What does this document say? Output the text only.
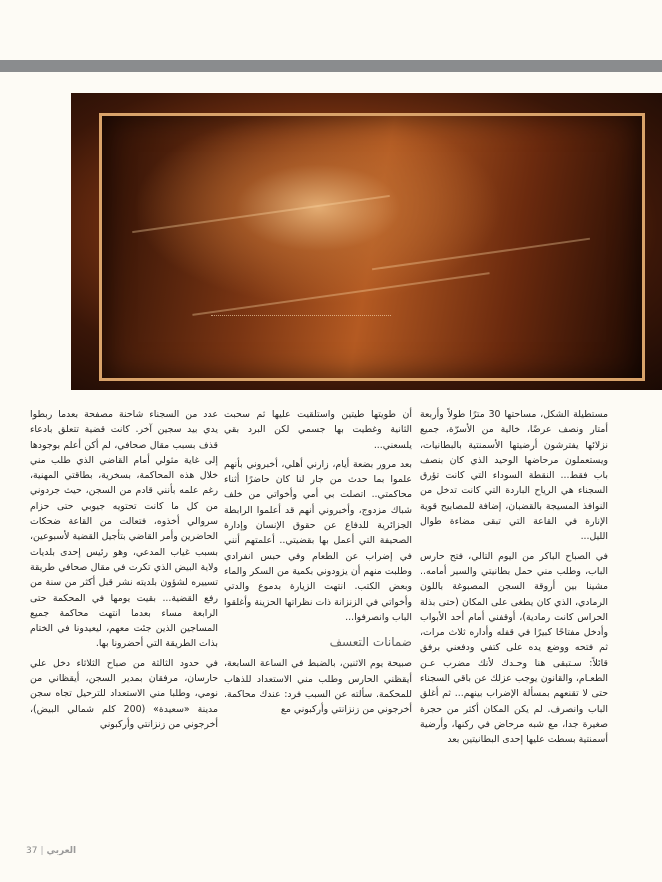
مستطيلة الشكل، مساحتها 30 مترًا طولاً وأربعة أمتار ونصف عرضًا، خالية من الأسرّة، جميع نزلائها يفترشون أرضيتها الأسمنتية بالبطانيات، ويستعملون مرحاضها الوحيد الذي كان بنصف باب فقط... النقطة السوداء التي كانت تؤرق السجناء هي الرياح الباردة التي كانت تدخل من النوافذ المسيجة بالقضبان، إضافة للمصابيح قوية الإنارة في القاعة التي تبقى مضاءة طوال الليل...

في الصباح الباكر من اليوم التالي، فتح حارس الباب، وطلب مني حمل بطانيتي والسير أمامه.. مشينا بين أروقة السجن المصبوغة باللون الرمادي، الذي كان يطغى على المكان (حتى بذلة الحراس كانت رمادية)، أوقفني أمام أحد الأبواب وأدخل مفتاحًا كبيرًا في قفله وأداره ثلاث مرات، ثم فتحه ووضع يده على كتفي ودفعني برفق قائلاً: سـتبقى هنا وحـدك لأنك مضرب عـن الطعـام، والقانون يوجب عزلك عن باقي السجناء حتى لا تقنعهم بمسألة الإضراب بينهم... ثم أغلق الباب وانصرف. لم يكن المكان أكثر من حجرة صغيرة جدا، مع شبه مرحاض في ركنها، وأرضية أسمنتية بسطت عليها إحدى البطانيتين بعد

أن طويتها طيتين واستلقيت عليها ثم سحبت الثانية وغطيت بها جسمي لكن البرد بقي يلسعني...

بعد مرور بضعة أيام، زارني أهلي، أخبروني بأنهم علموا بما حدث من جار لنا كان حاضرًا أثناء محاكمتي.. اتصلت بي أمي وأخواتي من خلف شباك مزدوج، وأخبروني أنهم قد أعلموا الرابطة الجزائرية للدفاع عن حقوق الإنسان وإدارة الصحيفة التي أعمل بها بقضيتي.. أعلمتهم أنني في إضراب عن الطعام وفي حبس انفرادي وطلبت منهم أن يزودوني بكمية من السكر والماء وبعض الكتب. انتهت الزيارة بدموع والدتي وأخواتي في الزنزانة ذات نظراتها الحزينة وأغلقوا الباب وانصرفوا...

ضمانات التعسف

صبيحة يوم الاثنين، بالضبط في الساعة السابعة، أيقظني الحارس وطلب مني الاستعداد للذهاب للمحكمة. سألته عن السبب فرد: عندك محاكمة. أخرجوني من زنزانتي وأركبوني مع

عدد من السجناء شاحنة مصفحة بعدما ربطوا يدي بيد سجين آخر. كانت قضية تتعلق بادعاء قذف بسبب مقال صحافي، لم أكن أعلم بوجودها إلى غاية مثولي أمام القاضي الذي طلب مني خلال هذه المحاكمة، بسخرية، بطاقتي المهنية، رغم علمه بأنني قادم من السجن، حيث جردوني من كل ما كانت تحتويه جيوبي حتى حزام سروالي أخذوه، فتعالت من القاعة ضحكات الحاضرين وأمر القاضي بتأجيل القضية لأسبوعين، بسبب غياب المدعي، وهو رئيس إحدى بلديات ولاية البيض الذي تكرت في مقال صحافي طريقة تسييره لشؤون بلديته نشر قبل أكثر من سنة من رفع القضية... بقيت يومها في المحكمة حتى الرابعة مساء بعدما انتهت محاكمة جميع المساجين الذين جئت معهم، ليعيدونا في الختام بذات الطريقة التي أحضرونا بها.

في حدود الثالثة من صباح الثلاثاء دخل علي حارسان، مرفقان بمدير السجن، أيقظاني من نومي، وطلبا مني الاستعداد للترحيل تجاه سجن مدينة «سعيدة» (200 كلم شمالي البيض)، أخرجوني من زنزانتي وأركبوني

37 | العربي
